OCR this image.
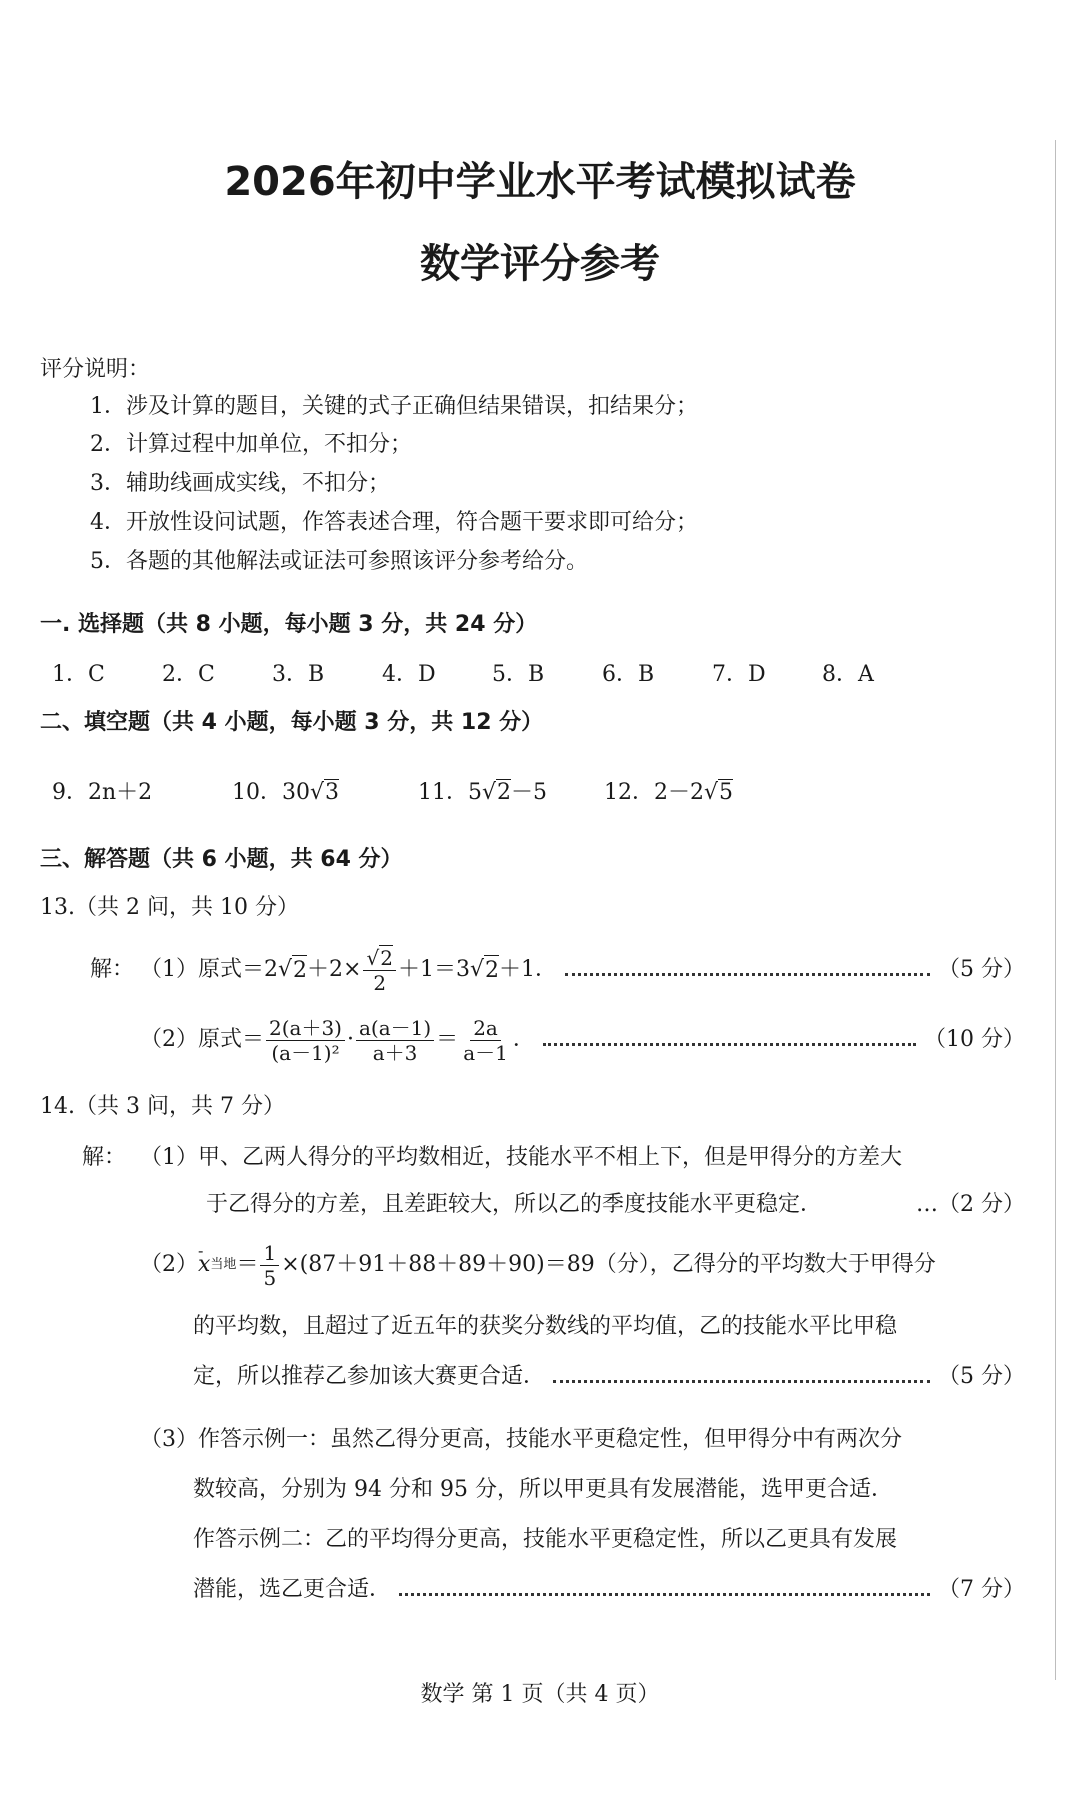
2026年初中学业水平考试模拟试卷
数学评分参考
评分说明：
1．涉及计算的题目，关键的式子正确但结果错误，扣结果分；
2．计算过程中加单位，不扣分；
3．辅助线画成实线，不扣分；
4．开放性设问试题，作答表述合理，符合题干要求即可给分；
5．各题的其他解法或证法可参照该评分参考给分。
一. 选择题（共 8 小题，每小题 3 分，共 24 分）
1．C	2．C	3．B	4．D	5．B	6．B	7．D	8．A
二、填空题（共 4 小题，每小题 3 分，共 12 分）
9．2n＋2	10．30√3	11．5√2－5	12．2－2√5
三、解答题（共 6 小题，共 64 分）
13.（共 2 问，共 10 分）
解： （1）原式＝2 √ $2 +2\times \frac{√2}{2} +1=3$ √ 2 ＋1．	（5 分）
（2）原式＝ $\frac{2(a+3)}{\text{(a－1)²}} \cdot \frac{a(a-1)}{a+3} = \frac{2a}{a-1}$ ．	（10 分）
14.（共 3 问，共 7 分）
解： （1）甲、乙两人得分的平均数相近，技能水平不相上下，但是甲得分的方差大
于乙得分的方差，且差距较大，所以乙的季度技能水平更稳定．	…（2 分）
（2）
- x 当地 ＝ $\frac{1}{5} \times(87+91+88+89+90)=89$（分），乙得分的平均数大于甲得分
的平均数，且超过了近五年的获奖分数线的平均值，乙的技能水平比甲稳
定，所以推荐乙参加该大赛更合适．	（5 分）
（3）作答示例一：虽然乙得分更高，技能水平更稳定性，但甲得分中有两次分
数较高，分别为 94 分和 95 分，所以甲更具有发展潜能，选甲更合适．
作答示例二：乙的平均得分更高，技能水平更稳定性，所以乙更具有发展
潜能，选乙更合适．	（7 分）
数学 第 1 页（共 4 页）
